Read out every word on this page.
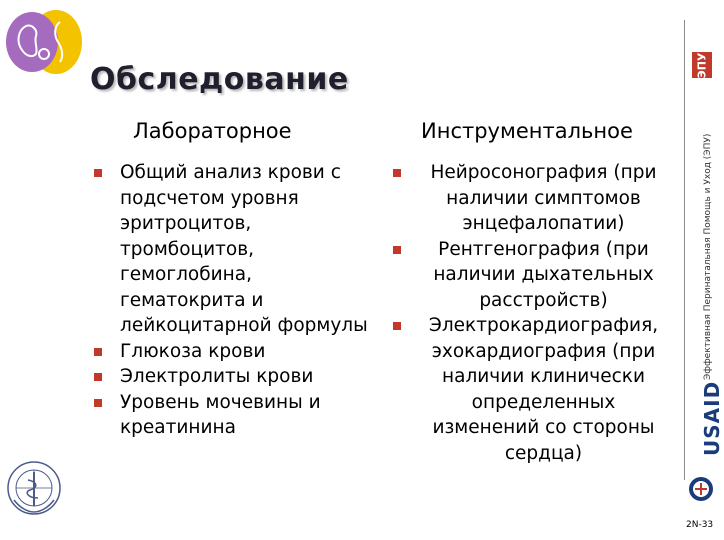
Обследование
Лабораторное	Инструментальное
Общий анализ крови с подсчетом уровня эритроцитов, тромбоцитов, гемоглобина, гематокрита и лейкоцитарной формулы
Глюкоза крови
Электролиты крови
Уровень мочевины и креатинина
Нейросонография (при наличии симптомов энцефалопатии)
Рентгенография (при наличии дыхательных расстройств)
Электрокардиография, эхокардиография (при наличии клинически определенных изменений со стороны сердца)
ЭПУ
Эффективная Перинатальная Помощь и Уход (ЭПУ)
USAID
2N-33
